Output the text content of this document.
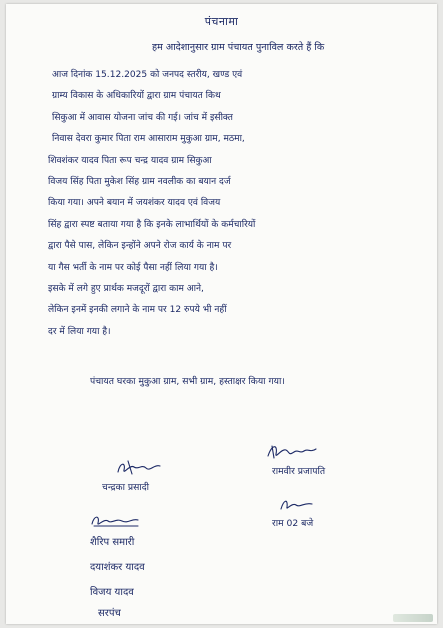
पंचनामा
हम आदेशानुसार ग्राम पंचायत पुनाविल करते हैं कि
आज दिनांक 15.12.2025 को जनपद स्तरीय, खण्ड एवं
ग्राम्य विकास के अधिकारियों द्वारा ग्राम पंचायत किथ
सिकुआ में आवास योजना जांच की गई। जांच में इसीक्त
निवास देवरा कुमार पिता राम आसाराम मुकुआ ग्राम, मठमा,
शिवशंकर यादव पिता रूप चन्द्र यादव ग्राम सिकुआ
विजय सिंह पिता मुकेश सिंह ग्राम नवलीक का बयान दर्ज
किया गया। अपने बयान में जयशंकर यादव एवं विजय
सिंह द्वारा स्पष्ट बताया गया है कि इनके लाभार्थियों के कर्मचारियों
द्वारा पैसे पास, लेकिन इन्होंने अपने रोज कार्य के नाम पर
या गैस भर्ती के नाम पर कोई पैसा नहीं लिया गया है।
इसके में लगे हुए प्रार्थक मजदूरों द्वारा काम आने,
लेकिन इनमें इनकी लगाने के नाम पर 12 रुपये भी नहीं
दर में लिया गया है।
पंचायत घरका मुकुआ ग्राम, सभी ग्राम, हस्ताक्षर किया गया।
रामवीर प्रजापति
चन्द्रका प्रसादी
राम 02 बजे
शैरिप समारी
दयाशंकर यादव
विजय यादव
सरपंच
